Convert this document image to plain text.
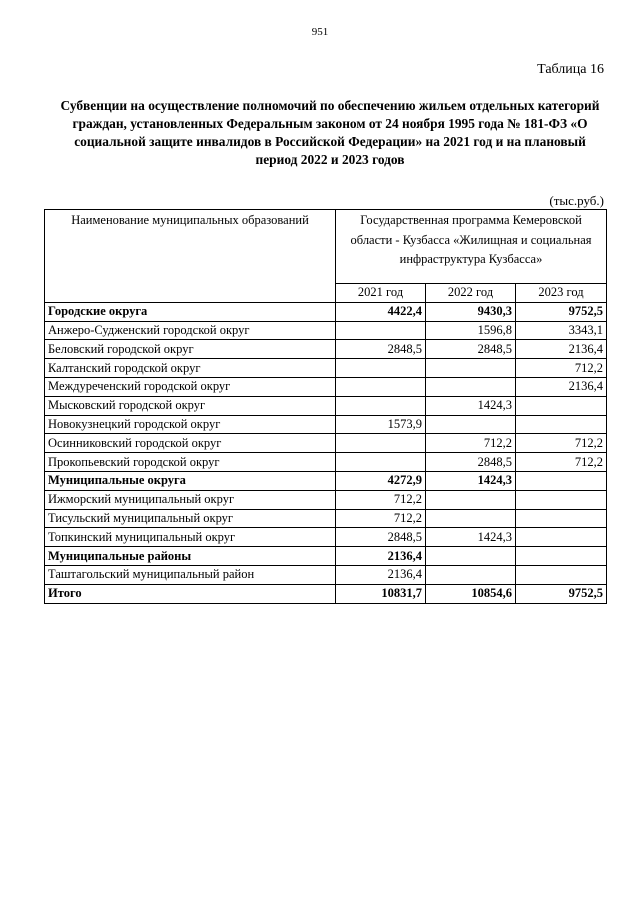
951
Таблица 16
Субвенции на осуществление полномочий по обеспечению жильем отдельных категорий граждан, установленных Федеральным законом от 24 ноября 1995 года № 181-ФЗ «О социальной защите инвалидов в Российской Федерации» на 2021 год и на плановый период 2022 и 2023 годов
(тыс.руб.)
Наименование муниципальных образований	Государственная программа Кемеровской области - Кузбасса «Жилищная и социальная инфраструктура Кузбасса»		
	2021 год	2022 год	2023 год
Городские округа	4422,4	9430,3	9752,5
Анжеро-Судженский городской округ		1596,8	3343,1
Беловский городской округ	2848,5	2848,5	2136,4
Калтанский городской округ			712,2
Междуреченский городской округ			2136,4
Мысковский городской округ		1424,3	
Новокузнецкий городской округ	1573,9		
Осинниковский городской округ		712,2	712,2
Прокопьевский городской округ		2848,5	712,2
Муниципальные округа	4272,9	1424,3	
Ижморский муниципальный округ	712,2		
Тисульский муниципальный округ	712,2		
Топкинский муниципальный округ	2848,5	1424,3	
Муниципальные районы	2136,4		
Таштагольский муниципальный район	2136,4		
Итого	10831,7	10854,6	9752,5
